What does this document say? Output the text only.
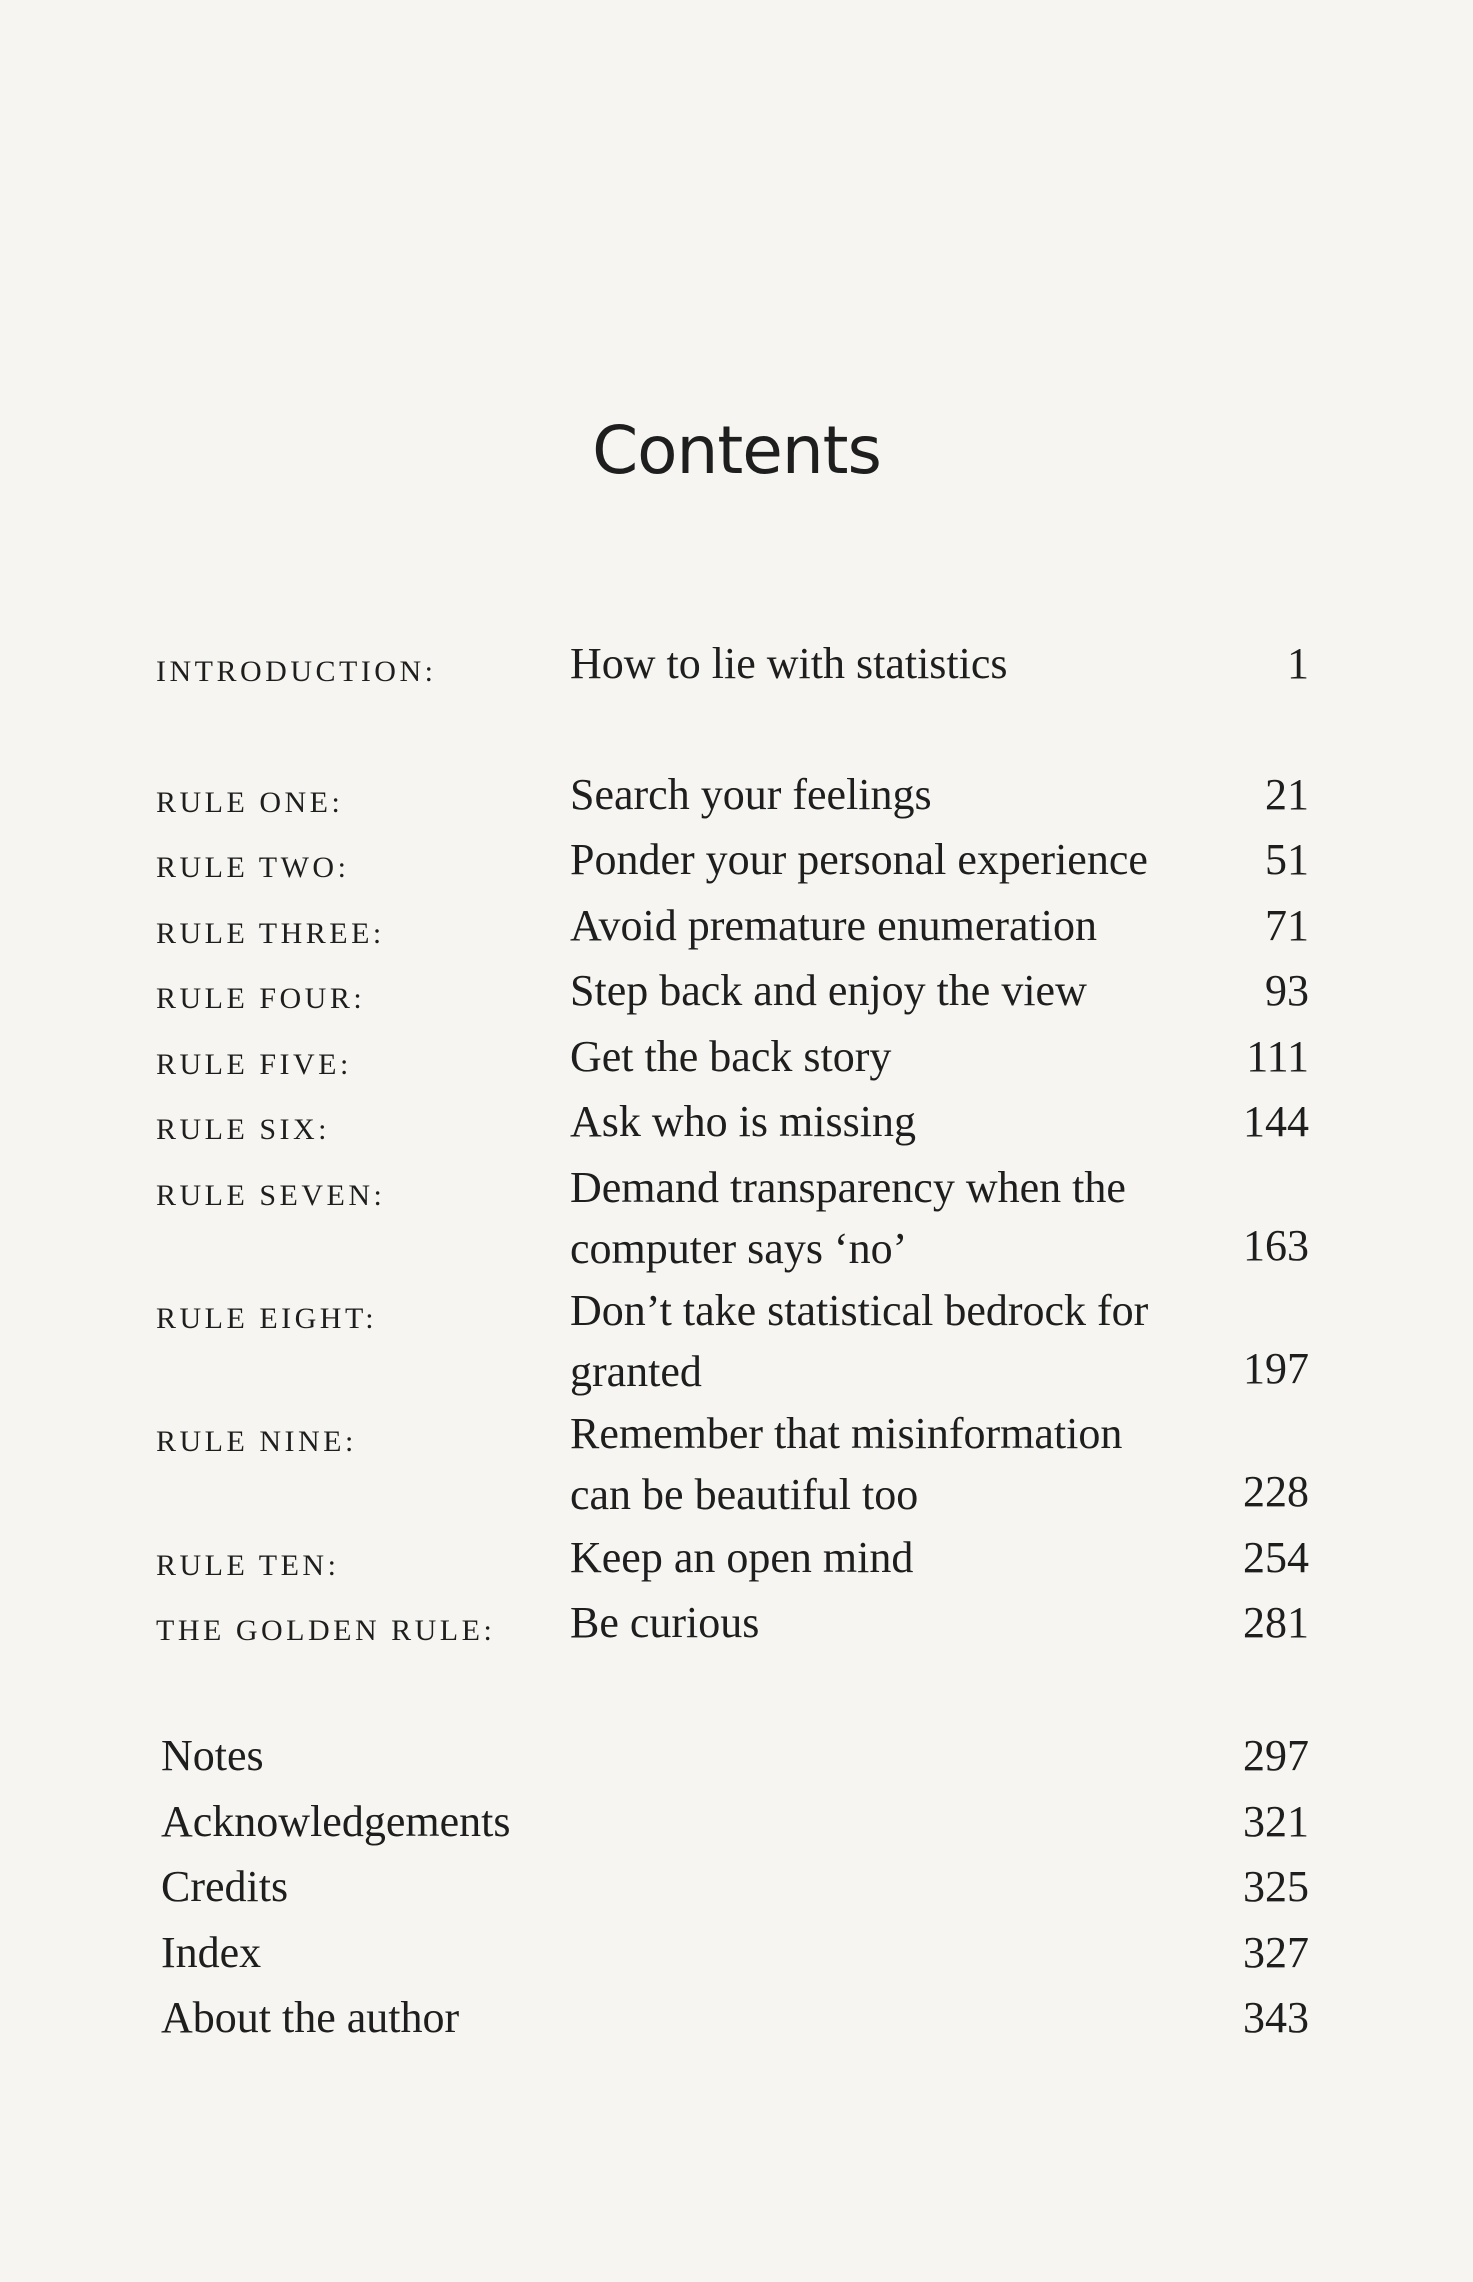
Contents
INTRODUCTION:	How to lie with statistics	1
RULE ONE:	Search your feelings	21
RULE TWO:	Ponder your personal experience	51
RULE THREE:	Avoid premature enumeration	71
RULE FOUR:	Step back and enjoy the view	93
RULE FIVE:	Get the back story	111
RULE SIX:	Ask who is missing	144
RULE SEVEN:	Demand transparency when the
computer says ‘no’	163
RULE EIGHT:	Don’t take statistical bedrock for
granted	197
RULE NINE:	Remember that misinformation
can be beautiful too	228
RULE TEN:	Keep an open mind	254
THE GOLDEN RULE: Be curious	281
Notes	297
Acknowledgements	321
Credits	325
Index	327
About the author	343
